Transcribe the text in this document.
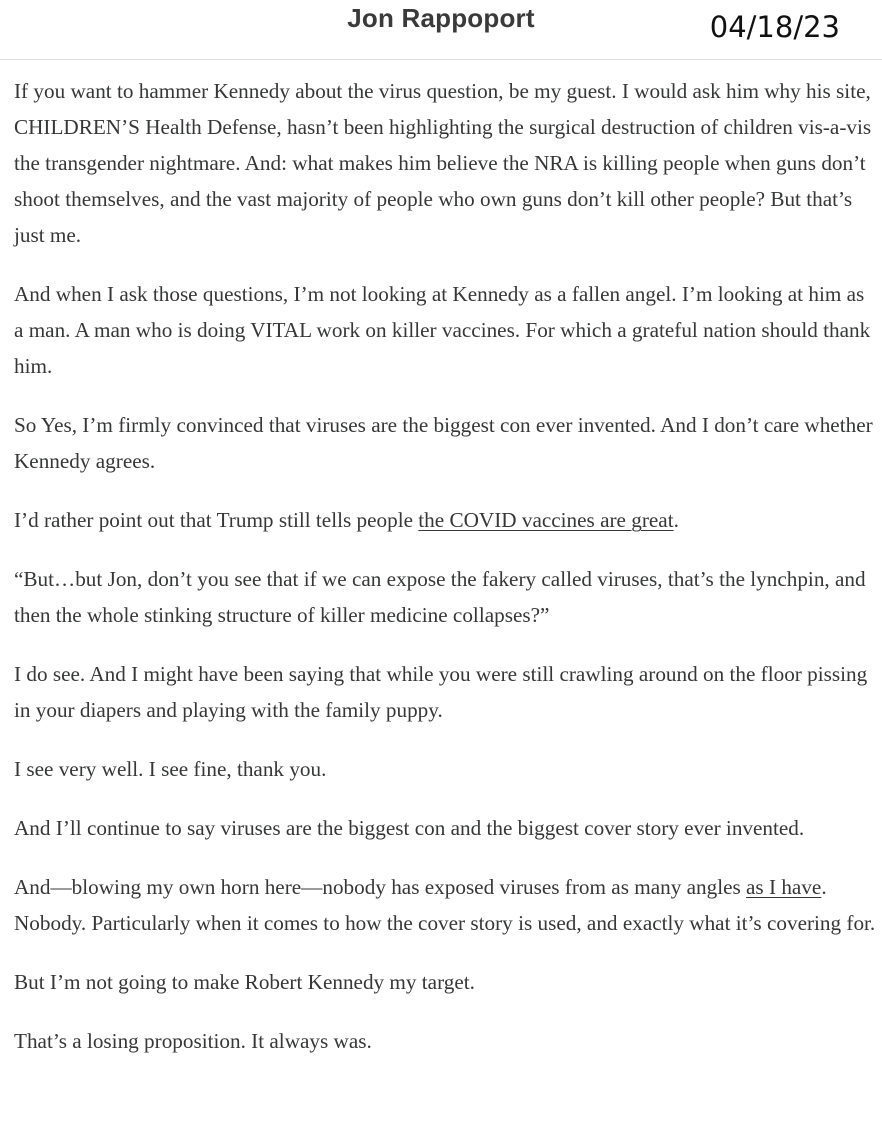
Jon Rappoport	04/18/23

If you want to hammer Kennedy about the virus question, be my guest. I would ask him why his site, CHILDREN’S Health Defense, hasn’t been highlighting the surgical destruction of children vis-a-vis the transgender nightmare. And: what makes him believe the NRA is killing people when guns don’t shoot themselves, and the vast majority of people who own guns don’t kill other people? But that’s just me.

And when I ask those questions, I’m not looking at Kennedy as a fallen angel. I’m looking at him as a man. A man who is doing VITAL work on killer vaccines. For which a grateful nation should thank him.

So Yes, I’m firmly convinced that viruses are the biggest con ever invented. And I don’t care whether Kennedy agrees.

I’d rather point out that Trump still tells people the COVID vaccines are great.

“But…but Jon, don’t you see that if we can expose the fakery called viruses, that’s the lynchpin, and then the whole stinking structure of killer medicine collapses?”

I do see. And I might have been saying that while you were still crawling around on the floor pissing in your diapers and playing with the family puppy.

I see very well. I see fine, thank you.

And I’ll continue to say viruses are the biggest con and the biggest cover story ever invented.

And—blowing my own horn here—nobody has exposed viruses from as many angles as I have. Nobody. Particularly when it comes to how the cover story is used, and exactly what it’s covering for.

But I’m not going to make Robert Kennedy my target.

That’s a losing proposition. It always was.
